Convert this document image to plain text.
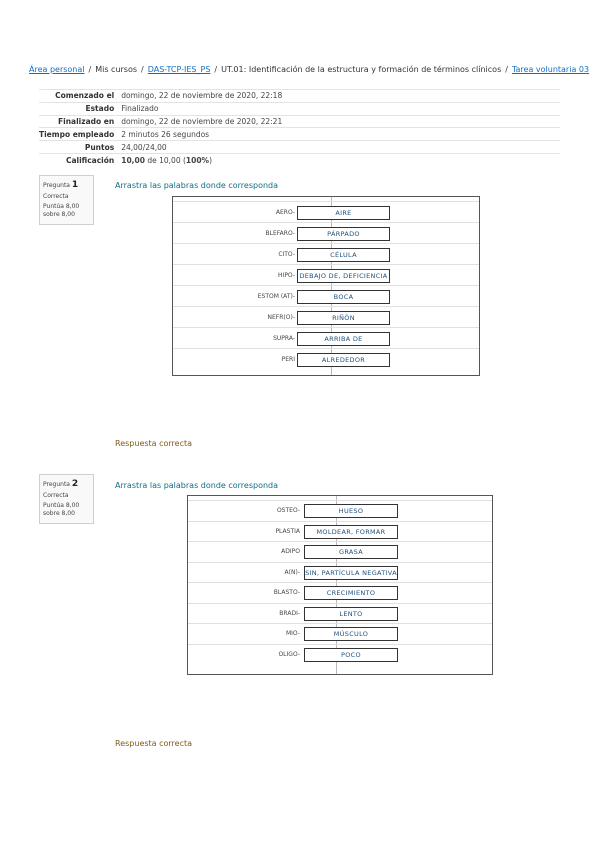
Área personal / Mis cursos / DAS-TCP-IES_PS / UT.01: Identificación de la estructura y formación de términos clínicos / Tarea voluntaria 03
Comenzado el	domingo, 22 de noviembre de 2020, 22:18
Estado	Finalizado
Finalizado en	domingo, 22 de noviembre de 2020, 22:21
Tiempo empleado	2 minutos 26 segundos
Puntos	24,00/24,00
Calificación	10,00 de 10,00 (100%)
Pregunta 1
Correcta
Puntúa 8,00
sobre 8,00
Arrastra las palabras donde corresponda
AERO-	AIRE
BLEFARO-	PÁRPADO
CITO-	CÉLULA
HIPO- DEBAJO DE, DEFICIENCIA
ESTOM (AT)-	BOCA
NEFR(O)-	RIÑÓN
SUPRA-	ARRIBA DE
PERI	ALREDEDOR
Respuesta correcta
Pregunta 2
Correcta
Puntúa 8,00
sobre 8,00
Arrastra las palabras donde corresponda
OSTEO-	HUESO
PLASTIA	MOLDEAR, FORMAR
ADIPO	GRASA
A(N)- SIN, PARTÍCULA NEGATIVA
BLASTO-	CRECIMIENTO
BRADI-	LENTO
MIO-	MÚSCULO
OLIGO-	POCO
Respuesta correcta
